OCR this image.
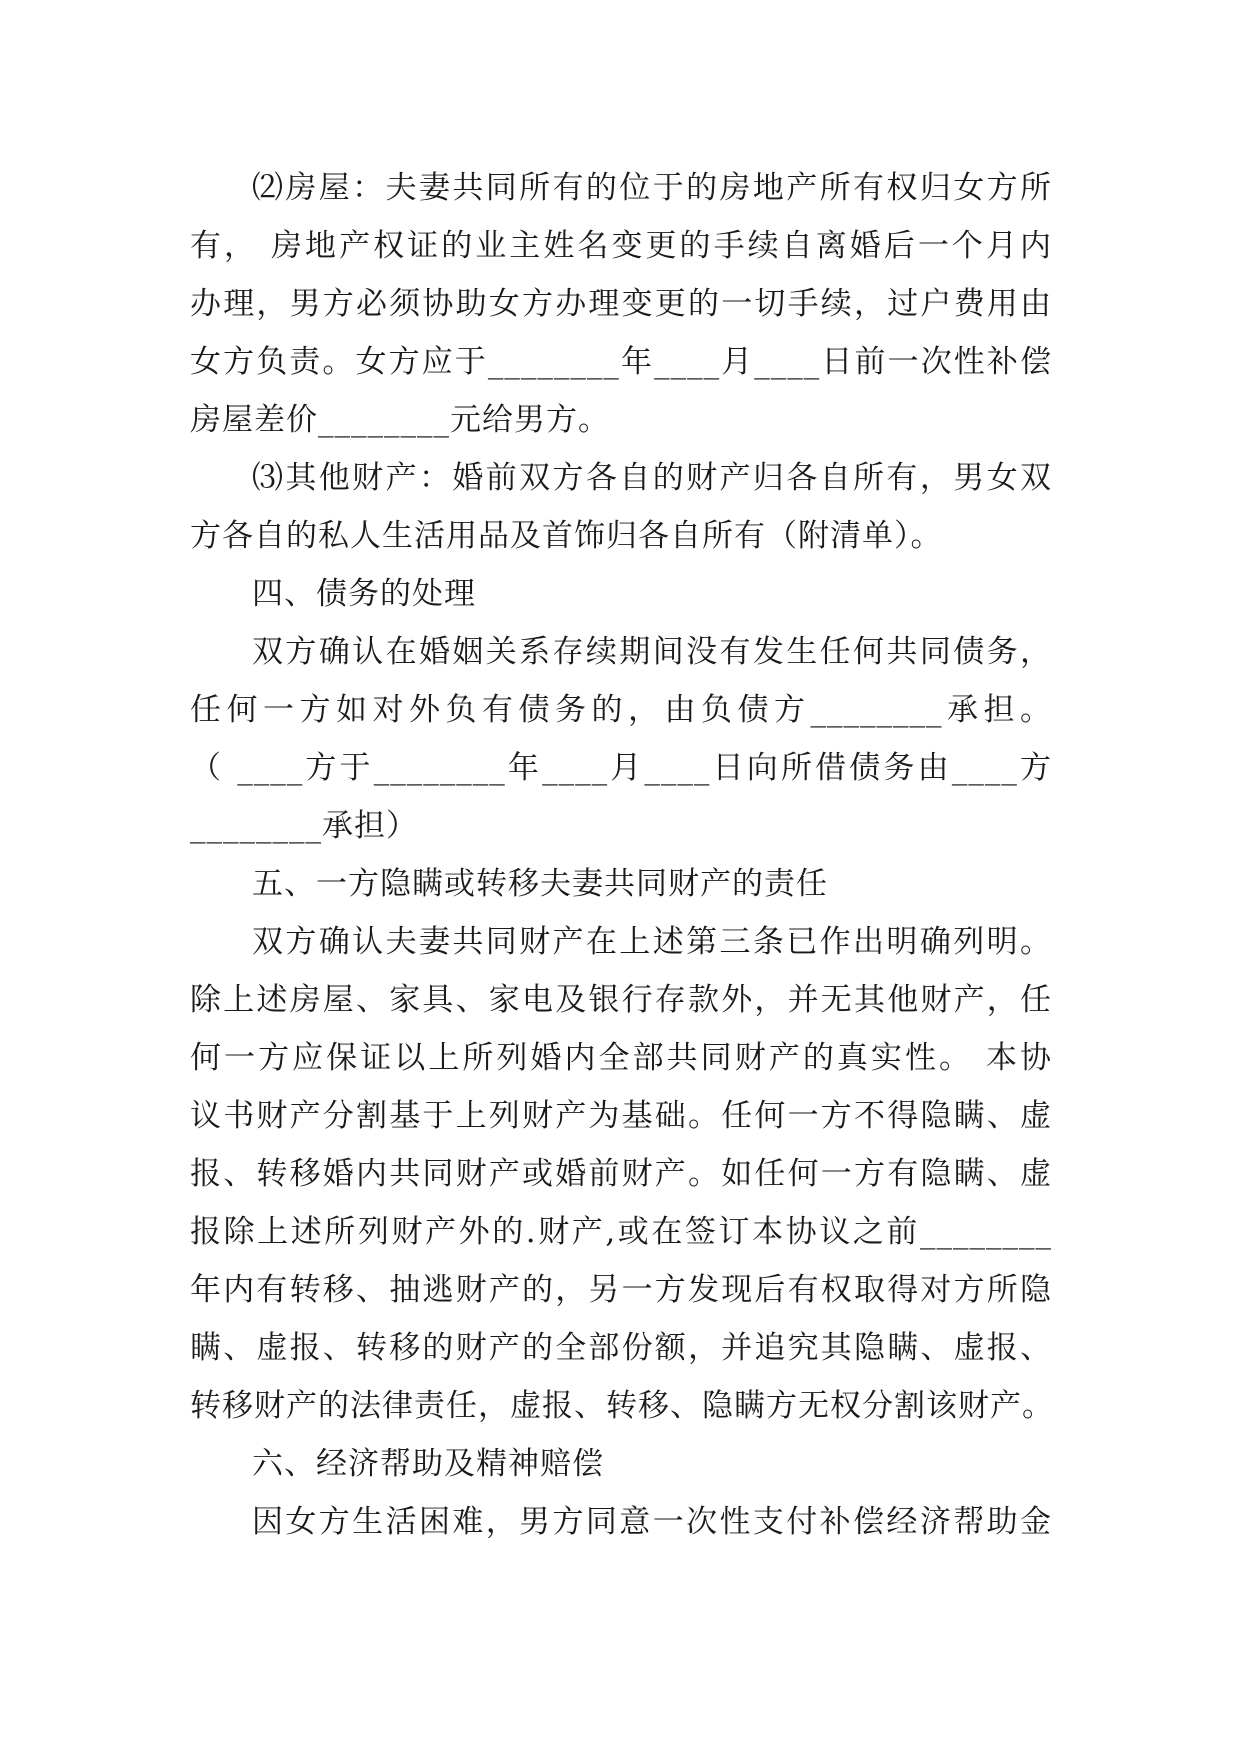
⑵房屋：夫妻共同所有的位于的房地产所有权归女方所
有， 房地产权证的业主姓名变更的手续自离婚后一个月内
办理，男方必须协助女方办理变更的一切手续，过户费用由
女方负责。女方应于________年____月____日前一次性补偿
房屋差价________元给男方。
⑶其他财产：婚前双方各自的财产归各自所有，男女双
方各自的私人生活用品及首饰归各自所有（附清单）。
四、债务的处理
双方确认在婚姻关系存续期间没有发生任何共同债务，
任何一方如对外负有债务的，由负债方________承担。
（ ____方于________年____月____日向所借债务由____方
________承担）
五、一方隐瞒或转移夫妻共同财产的责任
双方确认夫妻共同财产在上述第三条已作出明确列明。
除上述房屋、家具、家电及银行存款外，并无其他财产，任
何一方应保证以上所列婚内全部共同财产的真实性。 本协
议书财产分割基于上列财产为基础。任何一方不得隐瞒、虚
报、转移婚内共同财产或婚前财产。如任何一方有隐瞒、虚
报除上述所列财产外的.财产,或在签订本协议之前________
年内有转移、抽逃财产的，另一方发现后有权取得对方所隐
瞒、虚报、转移的财产的全部份额，并追究其隐瞒、虚报、
转移财产的法律责任，虚报、转移、隐瞒方无权分割该财产。
六、经济帮助及精神赔偿
因女方生活困难，男方同意一次性支付补偿经济帮助金
